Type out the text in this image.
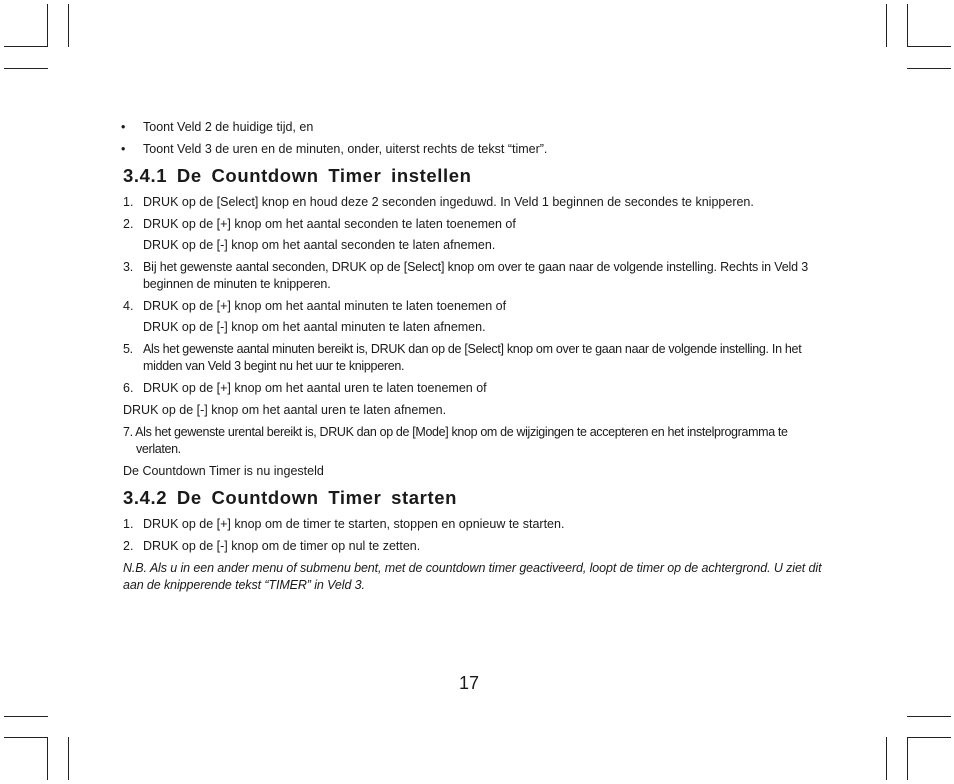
• Toont Veld 2 de huidige tijd, en
• Toont Veld 3 de uren en de minuten, onder, uiterst rechts de tekst “timer”.
3.4.1 De Countdown Timer instellen
1. DRUK op de [Select] knop en houd deze 2 seconden ingeduwd. In Veld 1 beginnen de secondes te knipperen.
2. DRUK op de [+] knop om het aantal seconden te laten toenemen of
DRUK op de [-] knop om het aantal seconden te laten afnemen.
3. Bij het gewenste aantal seconden, DRUK op de [Select] knop om over te gaan naar de volgende instelling. Rechts in Veld 3 beginnen de minuten te knipperen.
4. DRUK op de [+] knop om het aantal minuten te laten toenemen of
DRUK op de [-] knop om het aantal minuten te laten afnemen.
5. Als het gewenste aantal minuten bereikt is, DRUK dan op de [Select] knop om over te gaan naar de volgende instelling. In het midden van Veld 3 begint nu het uur te knipperen.
6. DRUK op de [+] knop om het aantal uren te laten toenemen of
DRUK op de [-] knop om het aantal uren te laten afnemen.
7. Als het gewenste urental bereikt is, DRUK dan op de [Mode] knop om de wijzigingen te accepteren en het instelprogramma te verlaten.
De Countdown Timer is nu ingesteld
3.4.2 De Countdown Timer starten
1. DRUK op de [+] knop om de timer te starten, stoppen en opnieuw te starten.
2. DRUK op de [-] knop om de timer op nul te zetten.
N.B. Als u in een ander menu of submenu bent, met de countdown timer geactiveerd, loopt de timer op de achtergrond. U ziet dit aan de knipperende tekst “TIMER” in Veld 3.
17
